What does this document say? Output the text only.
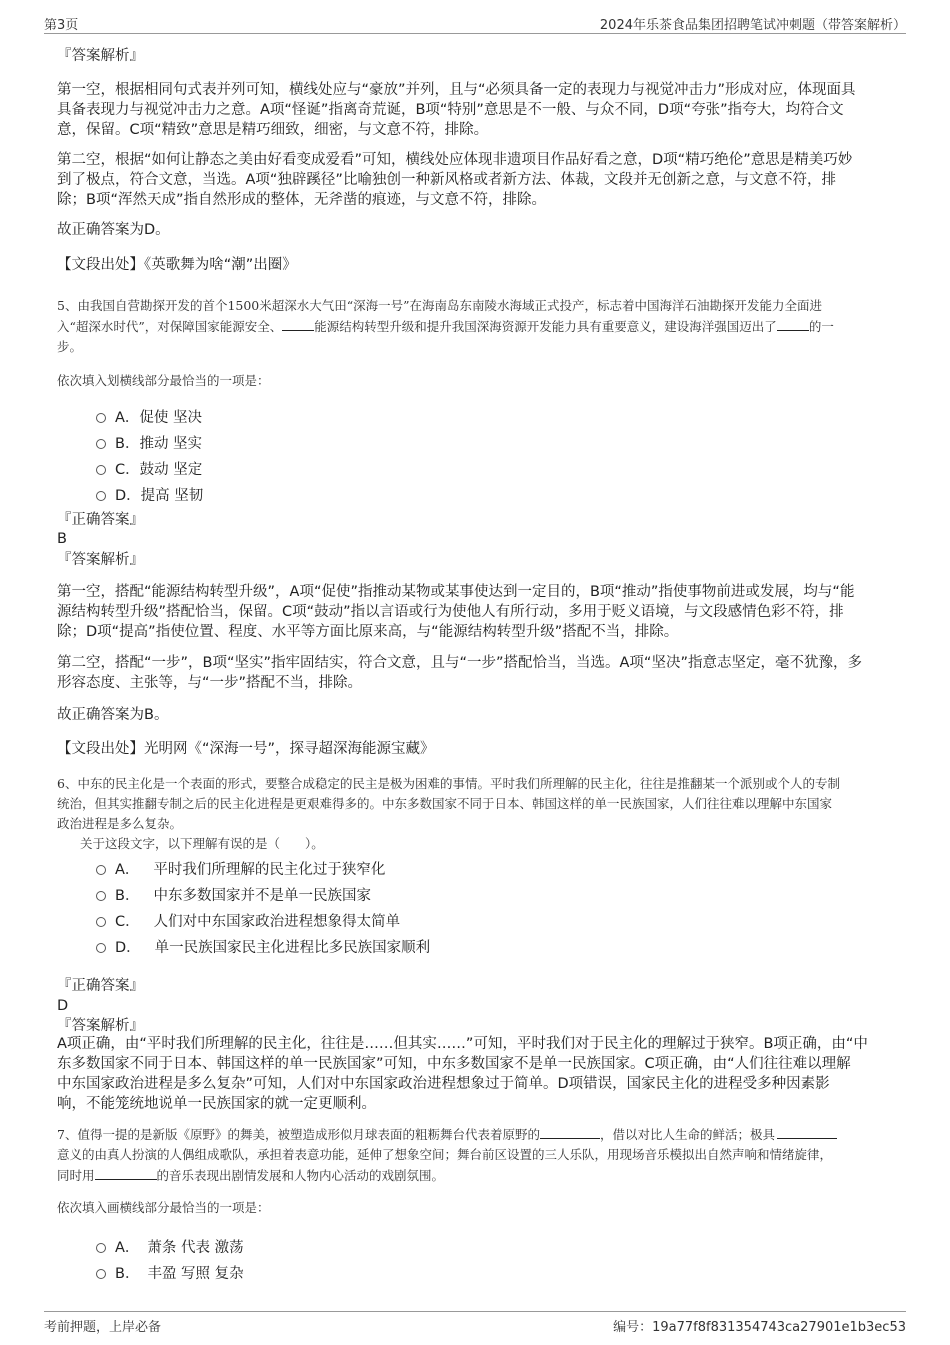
第3页	2024年乐茶食品集团招聘笔试冲刺题（带答案解析）
『答案解析』
第一空，根据相同句式表并列可知，横线处应与“豪放”并列，且与“必须具备一定的表现力与视觉冲击力”形成对应，体现面具
具备表现力与视觉冲击力之意。A项“怪诞”指离奇荒诞，B项“特别”意思是不一般、与众不同，D项“夸张”指夸大，均符合文
意，保留。C项“精致”意思是精巧细致，细密，与文意不符，排除。
第二空，根据“如何让静态之美由好看变成爱看”可知，横线处应体现非遗项目作品好看之意，D项“精巧绝伦”意思是精美巧妙
到了极点，符合文意，当选。A项“独辟蹊径”比喻独创一种新风格或者新方法、体裁，文段并无创新之意，与文意不符，排
除；B项“浑然天成”指自然形成的整体，无斧凿的痕迹，与文意不符，排除。
故正确答案为D。
【文段出处】《英歌舞为啥“潮”出圈》
5、由我国自营勘探开发的首个1500米超深水大气田“深海一号”在海南岛东南陵水海域正式投产，标志着中国海洋石油勘探开发能力全面进
入“超深水时代”，对保障国家能源安全、	能源结构转型升级和提升我国深海资源开发能力具有重要意义，建设海洋强国迈出了	的一
步。
依次填入划横线部分最恰当的一项是：
A．促使 坚决
B．推动 坚实
C．鼓动 坚定
D．提高 坚韧
『正确答案』
B
『答案解析』
第一空，搭配“能源结构转型升级”，A项“促使”指推动某物或某事使达到一定目的，B项“推动”指使事物前进或发展，均与“能
源结构转型升级”搭配恰当，保留。C项“鼓动”指以言语或行为使他人有所行动，多用于贬义语境，与文段感情色彩不符，排
除；D项“提高”指使位置、程度、水平等方面比原来高，与“能源结构转型升级”搭配不当，排除。
第二空，搭配“一步”，B项“坚实”指牢固结实，符合文意，且与“一步”搭配恰当，当选。A项“坚决”指意志坚定，毫不犹豫，多
形容态度、主张等，与“一步”搭配不当，排除。
故正确答案为B。
【文段出处】光明网《“深海一号”，探寻超深海能源宝藏》
6、中东的民主化是一个表面的形式，要整合成稳定的民主是极为困难的事情。平时我们所理解的民主化，往往是推翻某一个派别或个人的专制
统治，但其实推翻专制之后的民主化进程是更艰难得多的。中东多数国家不同于日本、韩国这样的单一民族国家，人们往往难以理解中东国家
政治进程是多么复杂。
关于这段文字，以下理解有误的是（　　）。
A． 平时我们所理解的民主化过于狭窄化
B． 中东多数国家并不是单一民族国家
C． 人们对中东国家政治进程想象得太简单
D． 单一民族国家民主化进程比多民族国家顺利
『正确答案』
D
『答案解析』
A项正确，由“平时我们所理解的民主化，往往是……但其实……”可知，平时我们对于民主化的理解过于狭窄。B项正确，由“中
东多数国家不同于日本、韩国这样的单一民族国家”可知，中东多数国家不是单一民族国家。C项正确，由“人们往往难以理解
中东国家政治进程是多么复杂”可知，人们对中东国家政治进程想象过于简单。D项错误，国家民主化的进程受多种因素影
响，不能笼统地说单一民族国家的就一定更顺利。
7、值得一提的是新版《原野》的舞美，被塑造成形似月球表面的粗粝舞台代表着原野的	，借以对比人生命的鲜活；极具
意义的由真人扮演的人偶组成歌队，承担着表意功能，延伸了想象空间；舞台前区设置的三人乐队，用现场音乐模拟出自然声响和情绪旋律，
同时用	的音乐表现出剧情发展和人物内心活动的戏剧氛围。
依次填入画横线部分最恰当的一项是：
A． 萧条 代表 激荡
B． 丰盈 写照 复杂
考前押题，上岸必备	编号：19a77f8f831354743ca27901e1b3ec53
